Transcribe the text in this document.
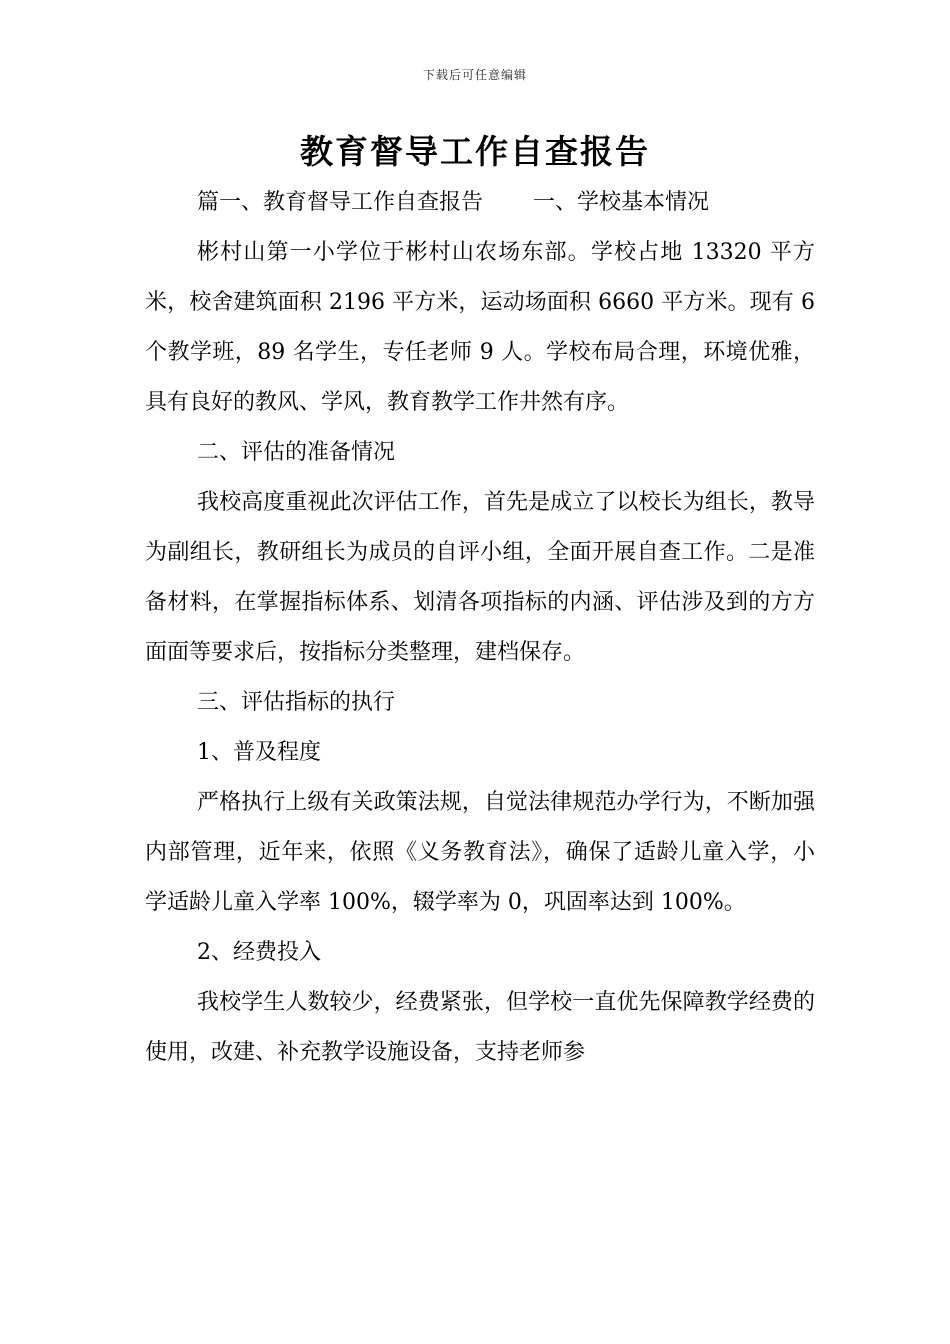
下载后可任意编辑
教育督导工作自查报告

篇一、教育督导工作自查报告 一、学校基本情况

彬村山第一小学位于彬村山农场东部。学校占地 13320 平方米，校舍建筑面积 2196 平方米，运动场面积 6660 平方米。现有 6 个教学班，89 名学生，专任老师 9 人。学校布局合理，环境优雅，具有良好的教风、学风，教育教学工作井然有序。

二、评估的准备情况

我校高度重视此次评估工作，首先是成立了以校长为组长，教导为副组长，教研组长为成员的自评小组，全面开展自查工作。二是准备材料，在掌握指标体系、划清各项指标的内涵、评估涉及到的方方面面等要求后，按指标分类整理，建档保存。

三、评估指标的执行

1、普及程度

严格执行上级有关政策法规，自觉法律规范办学行为，不断加强内部管理，近年来，依照《义务教育法》，确保了适龄儿童入学，小学适龄儿童入学率 100%，辍学率为 0，巩固率达到 100%。

2、经费投入

我校学生人数较少，经费紧张，但学校一直优先保障教学经费的使用，改建、补充教学设施设备，支持老师参
